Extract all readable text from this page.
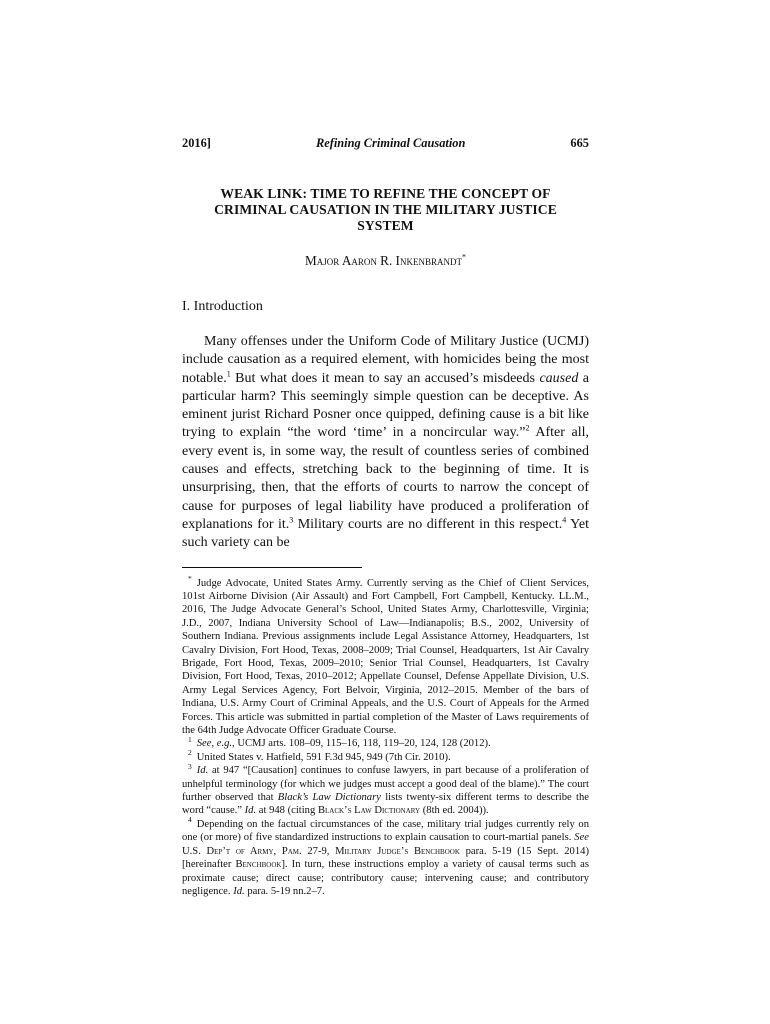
2016]	Refining Criminal Causation	665
WEAK LINK: TIME TO REFINE THE CONCEPT OF
CRIMINAL CAUSATION IN THE MILITARY JUSTICE
SYSTEM
Major Aaron R. Inkenbrandt*
I. Introduction

Many offenses under the Uniform Code of Military Justice (UCMJ) include causation as a required element, with homicides being the most notable.$^1$ But what does it mean to say an accused’s misdeeds caused a particular harm? This seemingly simple question can be deceptive. As eminent jurist Richard Posner once quipped, defining cause is a bit like trying to explain “the word ‘time’ in a noncircular way.”$^2$ After all, every event is, in some way, the result of countless series of combined causes and effects, stretching back to the beginning of time. It is unsurprising, then, that the efforts of courts to narrow the concept of cause for purposes of legal liability have produced a proliferation of explanations for it.$^3$ Military courts are no different in this respect.$^4$ Yet such variety can be

* Judge Advocate, United States Army. Currently serving as the Chief of Client Services, 101st Airborne Division (Air Assault) and Fort Campbell, Fort Campbell, Kentucky. LL.M., 2016, The Judge Advocate General’s School, United States Army, Charlottesville, Virginia; J.D., 2007, Indiana University School of Law—Indianapolis; B.S., 2002, University of Southern Indiana. Previous assignments include Legal Assistance Attorney, Headquarters, 1st Cavalry Division, Fort Hood, Texas, 2008–2009; Trial Counsel, Headquarters, 1st Air Cavalry Brigade, Fort Hood, Texas, 2009–2010; Senior Trial Counsel, Headquarters, 1st Cavalry Division, Fort Hood, Texas, 2010–2012; Appellate Counsel, Defense Appellate Division, U.S. Army Legal Services Agency, Fort Belvoir, Virginia, 2012–2015. Member of the bars of Indiana, U.S. Army Court of Criminal Appeals, and the U.S. Court of Appeals for the Armed Forces. This article was submitted in partial completion of the Master of Laws requirements of the 64th Judge Advocate Officer Graduate Course.
$^1$ See, e.g., UCMJ arts. 108–09, 115–16, 118, 119–20, 124, 128 (2012).
$^2$ United States v. Hatfield, 591 F.3d 945, 949 (7th Cir. 2010).
$^3$ Id. at 947 “[Causation] continues to confuse lawyers, in part because of a proliferation of unhelpful terminology (for which we judges must accept a good deal of the blame).” The court further observed that Black’s Law Dictionary lists twenty-six different terms to describe the word “cause.” Id. at 948 (citing Black’s Law Dictionary (8th ed. 2004)).
$^4$ Depending on the factual circumstances of the case, military trial judges currently rely on one (or more) of five standardized instructions to explain causation to court-martial panels. See U.S. Dep’t of Army, Pam. 27-9, Military Judge’s Benchbook para. 5-19 (15 Sept. 2014) [hereinafter Benchbook]. In turn, these instructions employ a variety of causal terms such as proximate cause; direct cause; contributory cause; intervening cause; and contributory negligence. Id. para. 5-19 nn.2–7.
